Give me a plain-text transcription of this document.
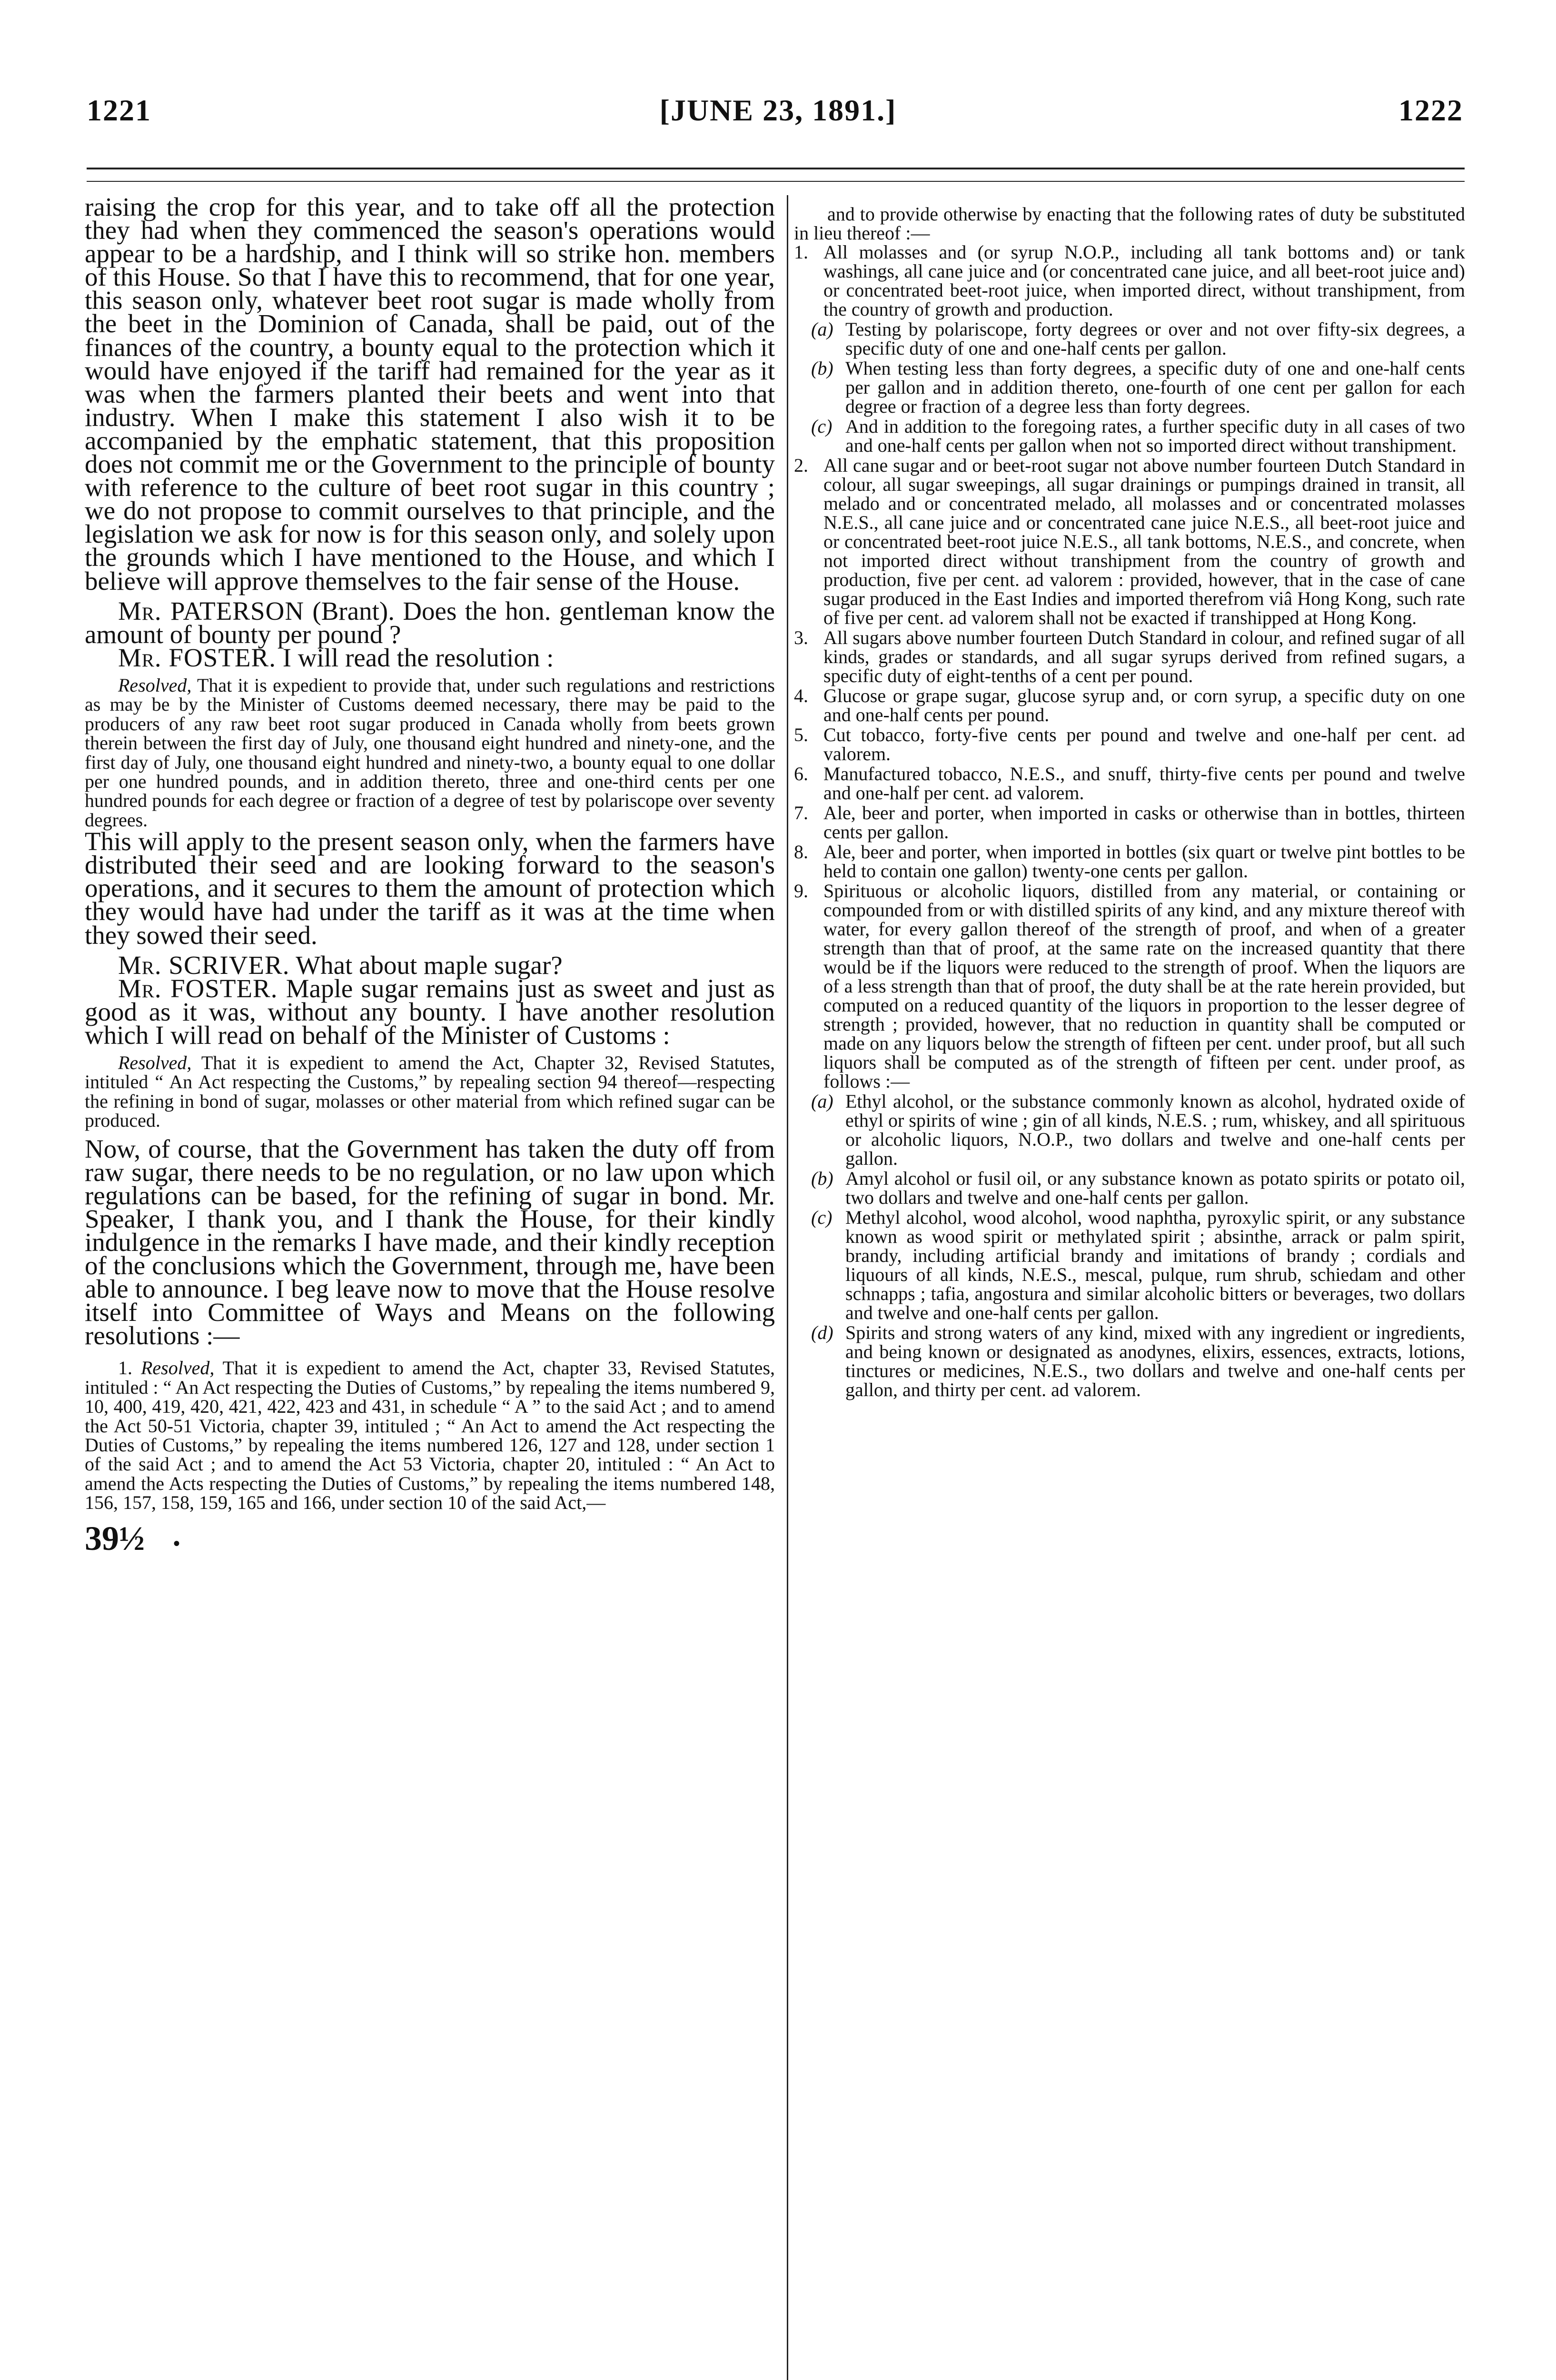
1221	[JUNE 23, 1891.]	1222

raising the crop for this year, and to take off all the protection they had when they commenced the season's operations would appear to be a hardship, and I think will so strike hon. members of this House. So that I have this to recommend, that for one year, this season only, whatever beet root sugar is made wholly from the beet in the Dominion of Canada, shall be paid, out of the finances of the country, a bounty equal to the protection which it would have enjoyed if the tariff had remained for the year as it was when the farmers planted their beets and went into that industry. When I make this statement I also wish it to be accompanied by the emphatic statement, that this proposition does not commit me or the Government to the principle of bounty with reference to the culture of beet root sugar in this country ; we do not propose to commit ourselves to that principle, and the legislation we ask for now is for this season only, and solely upon the grounds which I have mentioned to the House, and which I believe will approve themselves to the fair sense of the House.

Mr. PATERSON (Brant). Does the hon. gentleman know the amount of bounty per pound ?

Mr. FOSTER. I will read the resolution :

Resolved, That it is expedient to provide that, under such regulations and restrictions as may be by the Minister of Customs deemed necessary, there may be paid to the producers of any raw beet root sugar produced in Canada wholly from beets grown therein between the first day of July, one thousand eight hundred and ninety-one, and the first day of July, one thousand eight hundred and ninety-two, a bounty equal to one dollar per one hundred pounds, and in addition thereto, three and one-third cents per one hundred pounds for each degree or fraction of a degree of test by polariscope over seventy degrees.

This will apply to the present season only, when the farmers have distributed their seed and are looking forward to the season's operations, and it secures to them the amount of protection which they would have had under the tariff as it was at the time when they sowed their seed.

Mr. SCRIVER. What about maple sugar?

Mr. FOSTER. Maple sugar remains just as sweet and just as good as it was, without any bounty. I have another resolution which I will read on behalf of the Minister of Customs :

Resolved, That it is expedient to amend the Act, Chapter 32, Revised Statutes, intituled “ An Act respecting the Customs,” by repealing section 94 thereof—respecting the refining in bond of sugar, molasses or other material from which refined sugar can be produced.

Now, of course, that the Government has taken the duty off from raw sugar, there needs to be no regulation, or no law upon which regulations can be based, for the refining of sugar in bond. Mr. Speaker, I thank you, and I thank the House, for their kindly indulgence in the remarks I have made, and their kindly reception of the conclusions which the Government, through me, have been able to announce. I beg leave now to move that the House resolve itself into Committee of Ways and Means on the following resolutions :—

1. Resolved, That it is expedient to amend the Act, chapter 33, Revised Statutes, intituled : “ An Act respecting the Duties of Customs,” by repealing the items numbered 9, 10, 400, 419, 420, 421, 422, 423 and 431, in schedule “ A ” to the said Act ; and to amend the Act 50-51 Victoria, chapter 39, intituled ; “ An Act to amend the Act respecting the Duties of Customs,” by repealing the items numbered 126, 127 and 128, under section 1 of the said Act ; and to amend the Act 53 Victoria, chapter 20, intituled : “ An Act to amend the Acts respecting the Duties of Customs,” by repealing the items numbered 148, 156, 157, 158, 159, 165 and 166, under section 10 of the said Act,—

39½ •

and to provide otherwise by enacting that the following rates of duty be substituted in lieu thereof :—

1. All molasses and (or syrup N.O.P., including all tank bottoms and) or tank washings, all cane juice and (or concentrated cane juice, and all beet-root juice and) or concentrated beet-root juice, when imported direct, without transhipment, from the country of growth and production.
(a) Testing by polariscope, forty degrees or over and not over fifty-six degrees, a specific duty of one and one-half cents per gallon.
(b) When testing less than forty degrees, a specific duty of one and one-half cents per gallon and in addition thereto, one-fourth of one cent per gallon for each degree or fraction of a degree less than forty degrees.
(c) And in addition to the foregoing rates, a further specific duty in all cases of two and one-half cents per gallon when not so imported direct without transhipment.
2. All cane sugar and or beet-root sugar not above number fourteen Dutch Standard in colour, all sugar sweepings, all sugar drainings or pumpings drained in transit, all melado and or concentrated melado, all molasses and or concentrated molasses N.E.S., all cane juice and or concentrated cane juice N.E.S., all beet-root juice and or concentrated beet-root juice N.E.S., all tank bottoms, N.E.S., and concrete, when not imported direct without transhipment from the country of growth and production, five per cent. ad valorem : provided, however, that in the case of cane sugar produced in the East Indies and imported therefrom viâ Hong Kong, such rate of five per cent. ad valorem shall not be exacted if transhipped at Hong Kong.
3. All sugars above number fourteen Dutch Standard in colour, and refined sugar of all kinds, grades or standards, and all sugar syrups derived from refined sugars, a specific duty of eight-tenths of a cent per pound.
4. Glucose or grape sugar, glucose syrup and, or corn syrup, a specific duty on one and one-half cents per pound.
5. Cut tobacco, forty-five cents per pound and twelve and one-half per cent. ad valorem.
6. Manufactured tobacco, N.E.S., and snuff, thirty-five cents per pound and twelve and one-half per cent. ad valorem.
7. Ale, beer and porter, when imported in casks or otherwise than in bottles, thirteen cents per gallon.
8. Ale, beer and porter, when imported in bottles (six quart or twelve pint bottles to be held to contain one gallon) twenty-one cents per gallon.
9. Spirituous or alcoholic liquors, distilled from any material, or containing or compounded from or with distilled spirits of any kind, and any mixture thereof with water, for every gallon thereof of the strength of proof, and when of a greater strength than that of proof, at the same rate on the increased quantity that there would be if the liquors were reduced to the strength of proof. When the liquors are of a less strength than that of proof, the duty shall be at the rate herein provided, but computed on a reduced quantity of the liquors in proportion to the lesser degree of strength ; provided, however, that no reduction in quantity shall be computed or made on any liquors below the strength of fifteen per cent. under proof, but all such liquors shall be computed as of the strength of fifteen per cent. under proof, as follows :—
(a) Ethyl alcohol, or the substance commonly known as alcohol, hydrated oxide of ethyl or spirits of wine ; gin of all kinds, N.E.S. ; rum, whiskey, and all spirituous or alcoholic liquors, N.O.P., two dollars and twelve and one-half cents per gallon.
(b) Amyl alcohol or fusil oil, or any substance known as potato spirits or potato oil, two dollars and twelve and one-half cents per gallon.
(c) Methyl alcohol, wood alcohol, wood naphtha, pyroxylic spirit, or any substance known as wood spirit or methylated spirit ; absinthe, arrack or palm spirit, brandy, including artificial brandy and imitations of brandy ; cordials and liquours of all kinds, N.E.S., mescal, pulque, rum shrub, schiedam and other schnapps ; tafia, angostura and similar alcoholic bitters or beverages, two dollars and twelve and one-half cents per gallon.
(d) Spirits and strong waters of any kind, mixed with any ingredient or ingredients, and being known or designated as anodynes, elixirs, essences, extracts, lotions, tinctures or medicines, N.E.S., two dollars and twelve and one-half cents per gallon, and thirty per cent. ad valorem.
